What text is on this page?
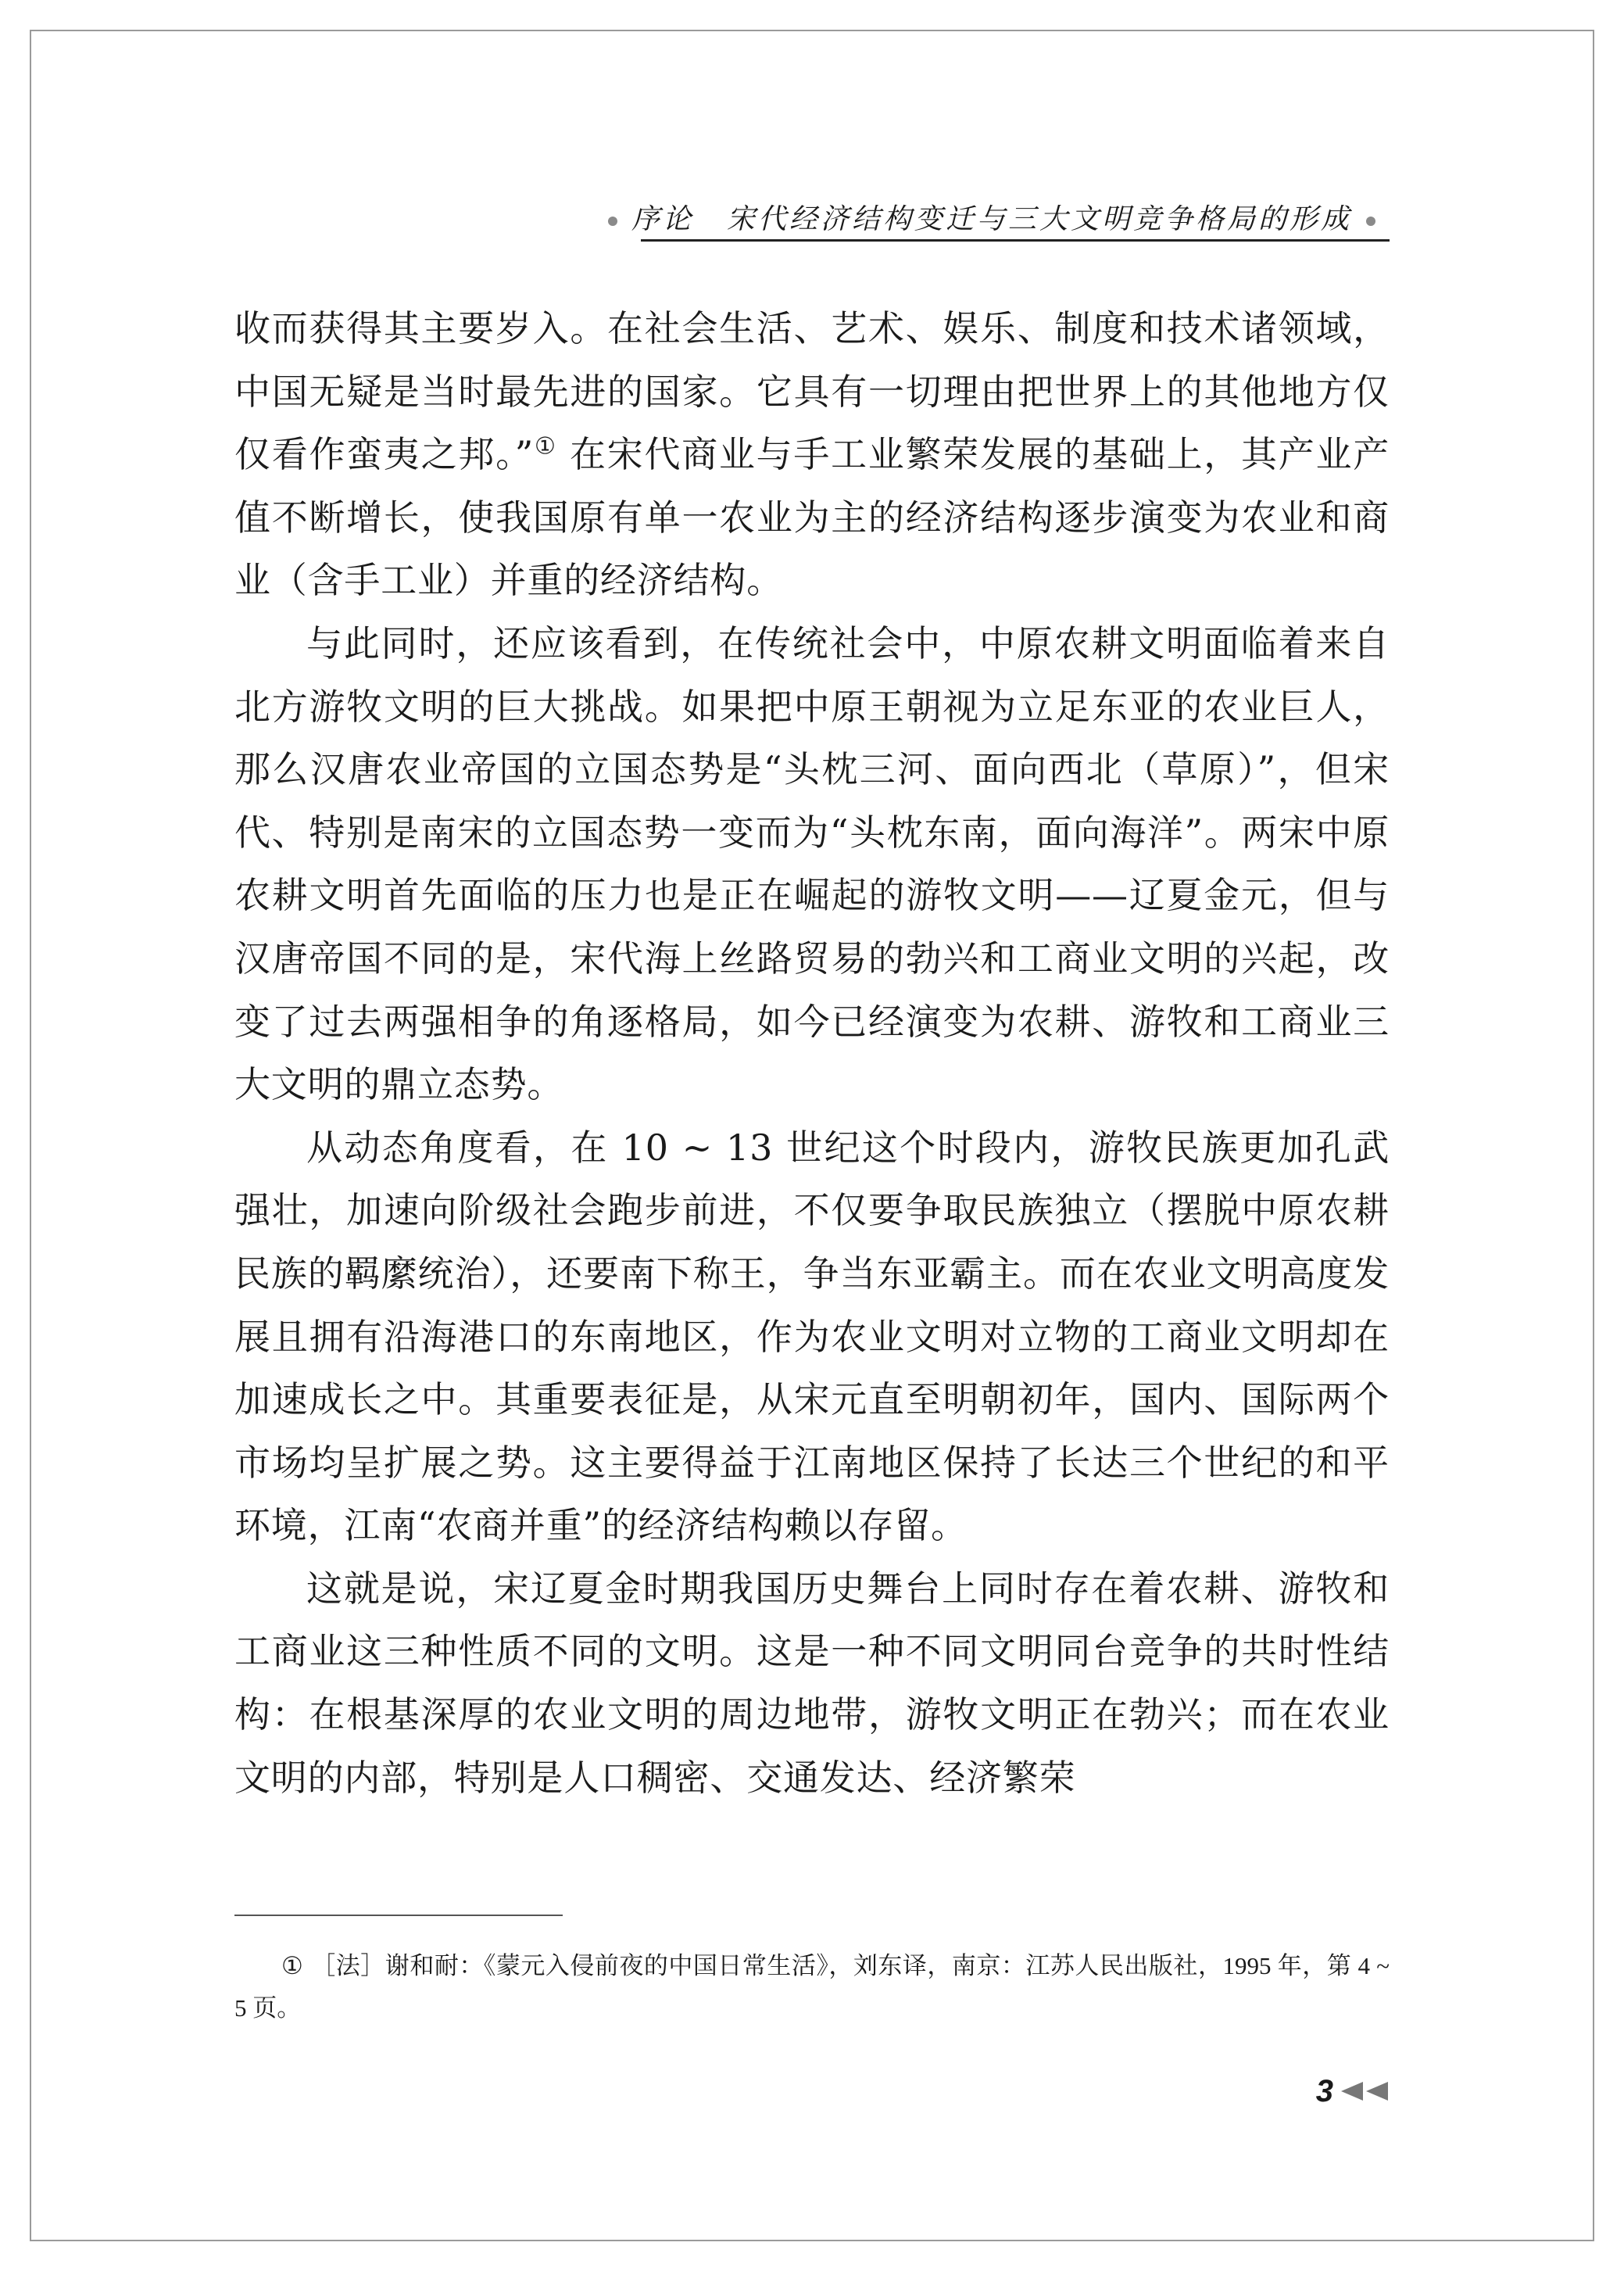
序论 宋代经济结构变迁与三大文明竞争格局的形成

收而获得其主要岁入。在社会生活、艺术、娱乐、制度和技术诸领域，中国无疑是当时最先进的国家。它具有一切理由把世界上的其他地方仅仅看作蛮夷之邦。”① 在宋代商业与手工业繁荣发展的基础上，其产业产值不断增长，使我国原有单一农业为主的经济结构逐步演变为农业和商业（含手工业）并重的经济结构。

与此同时，还应该看到，在传统社会中，中原农耕文明面临着来自北方游牧文明的巨大挑战。如果把中原王朝视为立足东亚的农业巨人，那么汉唐农业帝国的立国态势是“头枕三河、面向西北（草原）”，但宋代、特别是南宋的立国态势一变而为“头枕东南，面向海洋”。两宋中原农耕文明首先面临的压力也是正在崛起的游牧文明——辽夏金元，但与汉唐帝国不同的是，宋代海上丝路贸易的勃兴和工商业文明的兴起，改变了过去两强相争的角逐格局，如今已经演变为农耕、游牧和工商业三大文明的鼎立态势。

从动态角度看，在 10 ~ 13 世纪这个时段内，游牧民族更加孔武强壮，加速向阶级社会跑步前进，不仅要争取民族独立（摆脱中原农耕民族的羁縻统治），还要南下称王，争当东亚霸主。而在农业文明高度发展且拥有沿海港口的东南地区，作为农业文明对立物的工商业文明却在加速成长之中。其重要表征是，从宋元直至明朝初年，国内、国际两个市场均呈扩展之势。这主要得益于江南地区保持了长达三个世纪的和平环境，江南“农商并重”的经济结构赖以存留。

这就是说，宋辽夏金时期我国历史舞台上同时存在着农耕、游牧和工商业这三种性质不同的文明。这是一种不同文明同台竞争的共时性结构：在根基深厚的农业文明的周边地带，游牧文明正在勃兴；而在农业文明的内部，特别是人口稠密、交通发达、经济繁荣

① ［法］谢和耐：《蒙元入侵前夜的中国日常生活》，刘东译，南京：江苏人民出版社，1995 年，第 4 ~ 5 页。
3
